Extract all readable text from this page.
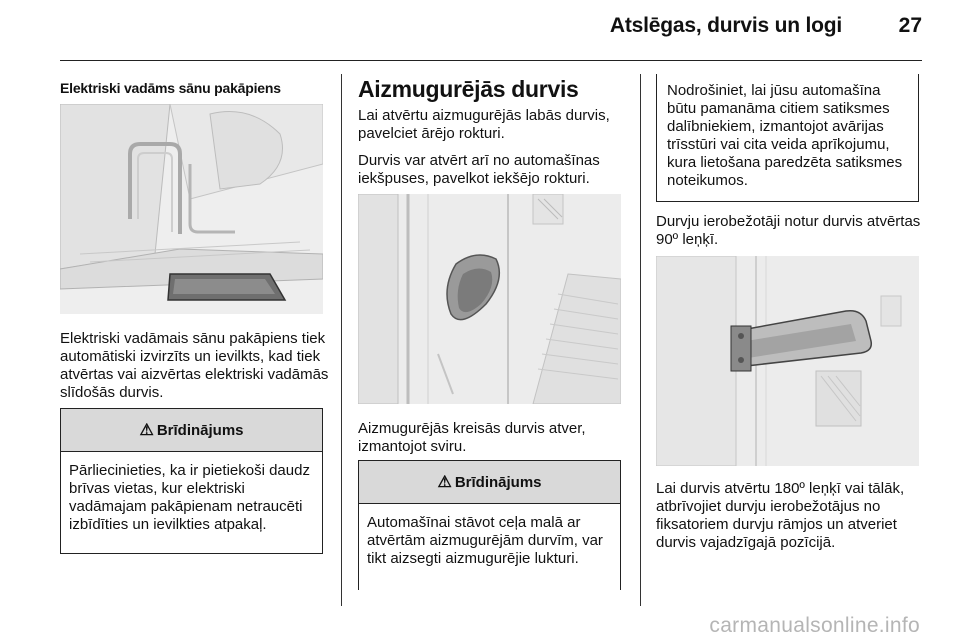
Atslēgas, durvis un logi	27
Elektriski vadāms sānu pakāpiens

Elektriski vadāmais sānu pakāpiens tiek automātiski izvirzīts un ievilkts, kad tiek atvērtas vai aizvērtas elektriski vadāmās slīdošās durvis.

⚠ Brīdinājums
Pārliecinieties, ka ir pietiekoši daudz brīvas vietas, kur elektriski vadāmajam pakāpienam netraucēti izbīdīties un ievilkties atpakaļ.
Aizmugurējās durvis

Lai atvērtu aizmugurējās labās durvis, pavelciet ārējo rokturi.

Durvis var atvērt arī no automašīnas iekšpuses, pavelkot iekšējo rokturi.

Aizmugurējās kreisās durvis atver, izmantojot sviru.

⚠ Brīdinājums
Automašīnai stāvot ceļa malā ar atvērtām aizmugurējām durvīm, var tikt aizsegti aizmugurējie lukturi.
Nodrošiniet, lai jūsu automašīna būtu pamanāma citiem satiksmes dalībniekiem, izmantojot avārijas trīsstūri vai cita veida aprīkojumu, kura lietošana paredzēta satiksmes noteikumos.

Durvju ierobežotāji notur durvis atvērtas 90º leņķī.

Lai durvis atvērtu 180º leņķī vai tālāk, atbrīvojiet durvju ierobežotājus no fiksatoriem durvju rāmjos un atveriet durvis vajadzīgajā pozīcijā.

carmanualsonline.info
